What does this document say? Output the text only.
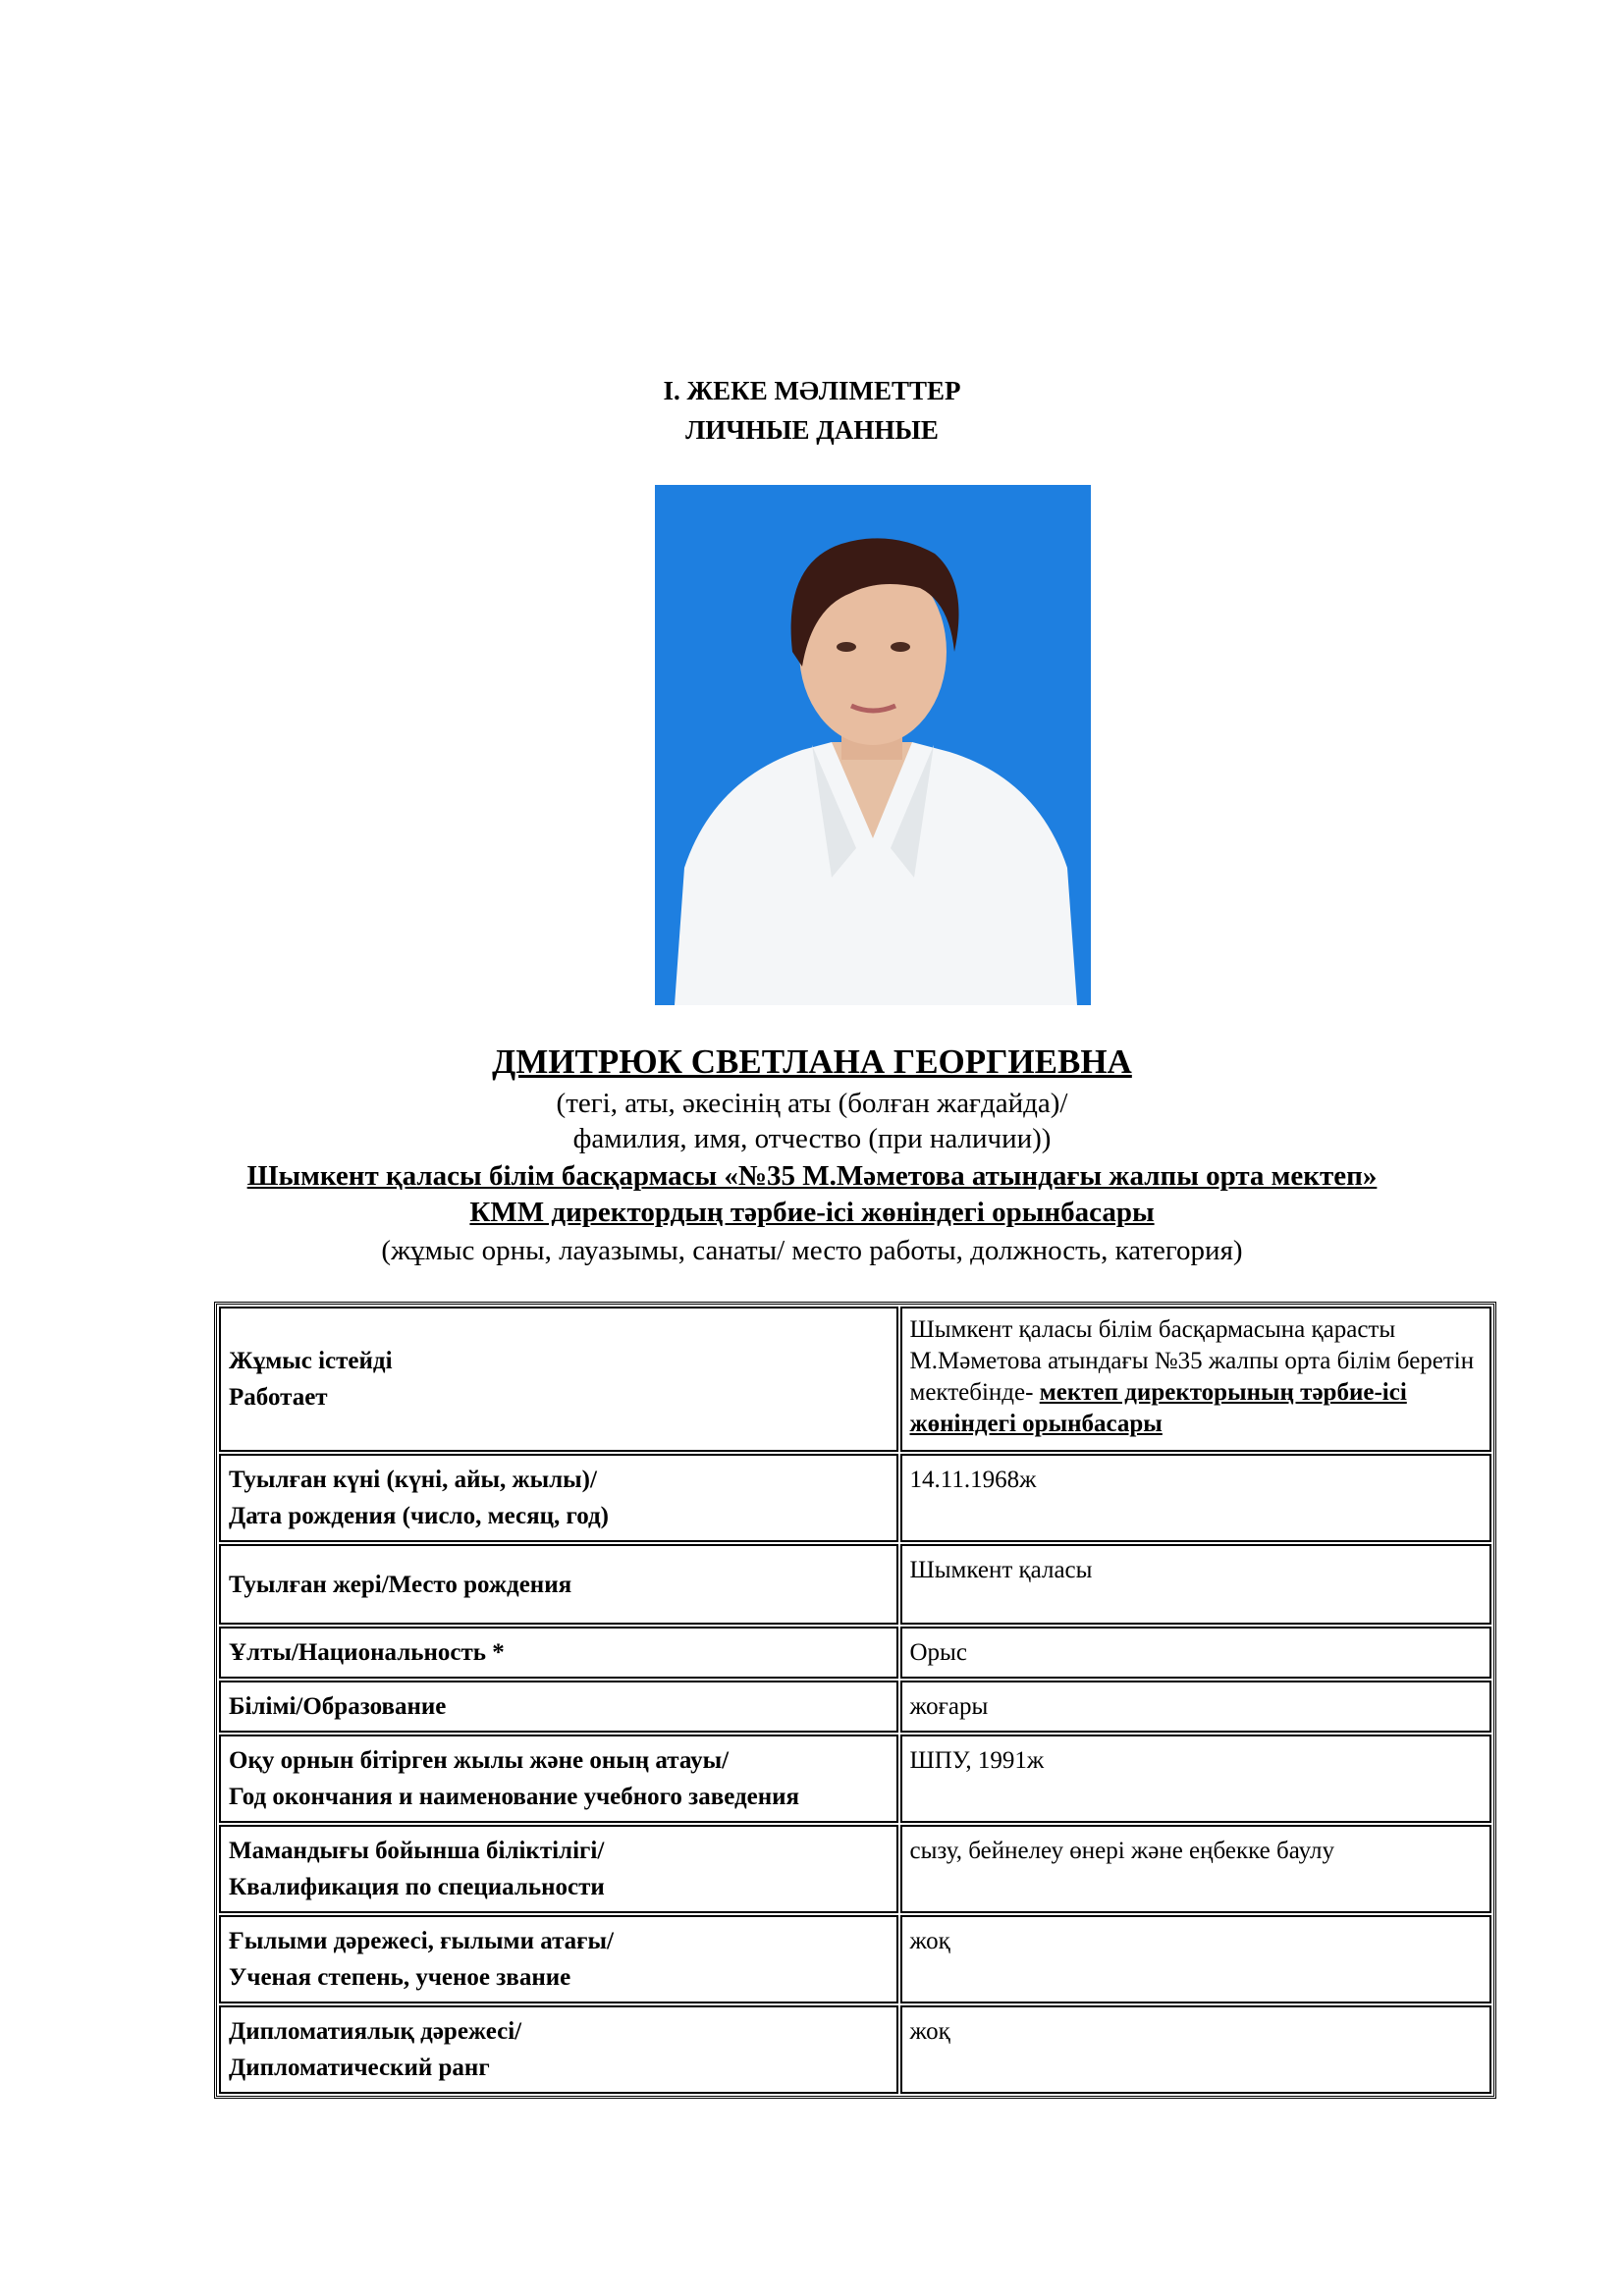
I. ЖЕКЕ МӘЛІМЕТТЕР
ЛИЧНЫЕ ДАННЫЕ
ДМИТРЮК СВЕТЛАНА ГЕОРГИЕВНА
(тегі, аты, әкесінің аты (болған жағдайда)/
фамилия, имя, отчество (при наличии))
Шымкент қаласы білім басқармасы «№35 М.Мәметова атындағы жалпы орта мектеп»
КММ директордың тәрбие-ісі жөніндегі орынбасары
(жұмыс орны, лауазымы, санаты/ место работы, должность, категория)
Жұмыс істейді
Работает	Шымкент қаласы білім басқармасына қарасты М.Мәметова атындағы №35 жалпы орта білім беретін мектебінде- мектеп директорының тәрбие-ісі жөніндегі орынбасары

Туылған күні (күні, айы, жылы)/
Дата рождения (число, месяц, год)	14.11.1968ж
Туылған жері/Место рождения	Шымкент қаласы
Ұлты/Национальность *	Орыс
Білімі/Образование	жоғары

Оқу орнын бітірген жылы және оның атауы/
Год окончания и наименование учебного заведения	ШПУ, 1991ж

Мамандығы бойынша біліктілігі/
Квалификация по специальности	сызу, бейнелеу өнері және еңбекке баулу

Ғылыми дәрежесі, ғылыми атағы/
Ученая степень, ученое звание	жоқ

Дипломатиялық дәрежесі/
Дипломатический ранг	жоқ
